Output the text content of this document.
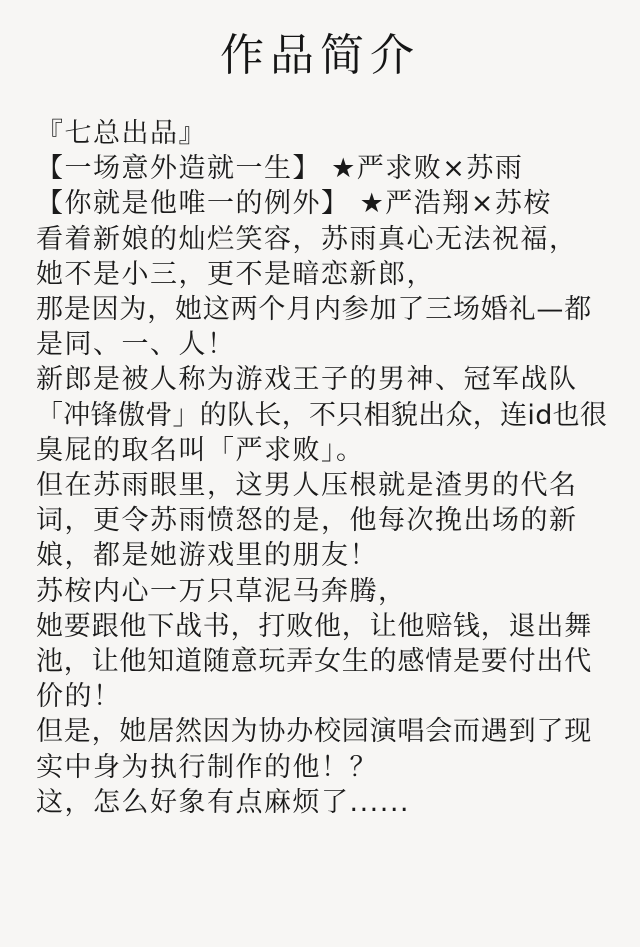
作品简介
『七总出品』
【一场意外造就一生】 ★严求败×苏雨
【你就是他唯一的例外】 ★严浩翔×苏桉
看着新娘的灿烂笑容，苏雨真心无法祝福，
她不是小三，更不是暗恋新郎，
那是因为，她这两个月内参加了三场婚礼—都
是同、一、人！
新郎是被人称为游戏王子的男神、冠军战队
「冲锋傲骨」的队长，不只相貌出众，连id也很
臭屁的取名叫「严求败」。
但在苏雨眼里，这男人压根就是渣男的代名
词，更令苏雨愤怒的是，他每次挽出场的新
娘，都是她游戏里的朋友！
苏桉内心一万只草泥马奔腾，
她要跟他下战书，打败他，让他赔钱，退出舞
池，让他知道随意玩弄女生的感情是要付出代
价的！
但是，她居然因为协办校园演唱会而遇到了现
实中身为执行制作的他！？
这，怎么好象有点麻烦了......
